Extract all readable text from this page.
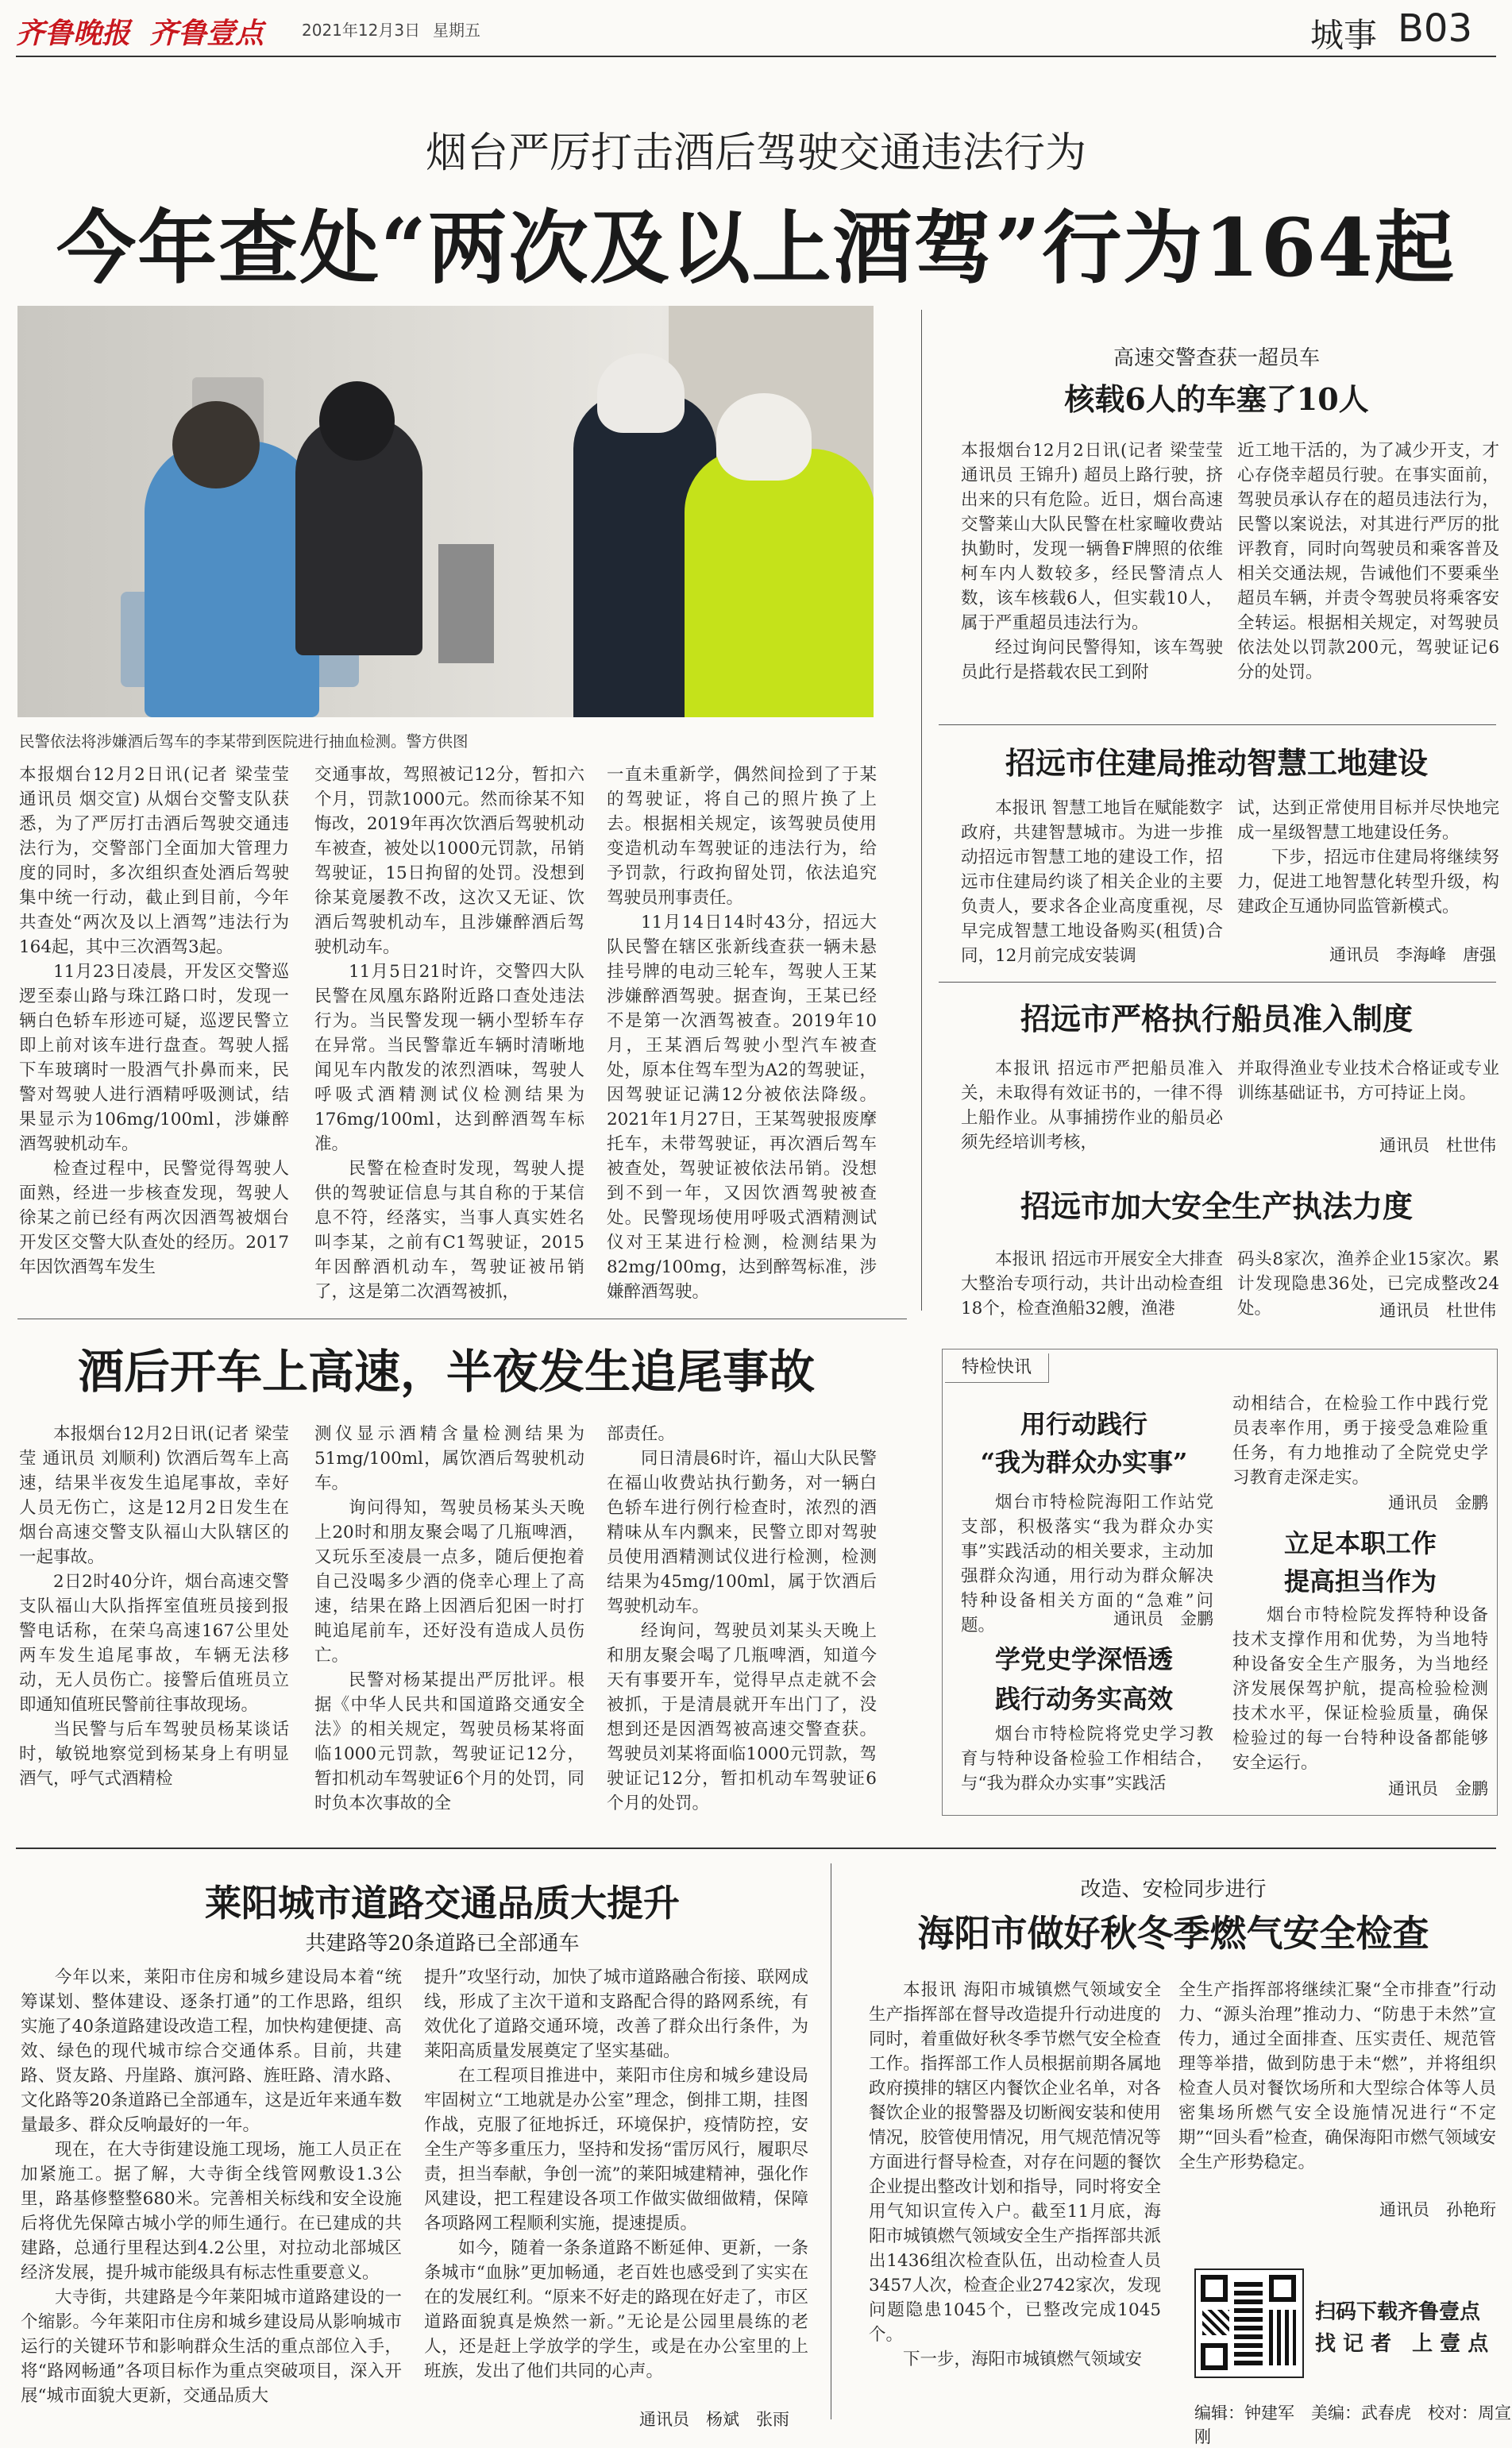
齐鲁晚报 齐鲁壹点 2021年12月3日 星期五	城事 B03
烟台严厉打击酒后驾驶交通违法行为
今年查处“两次及以上酒驾”行为164起
民警依法将涉嫌酒后驾车的李某带到医院进行抽血检测。警方供图

本报烟台12月2日讯(记者 梁莹莹 通讯员 烟交宣) 从烟台交警支队获悉，为了严厉打击酒后驾驶交通违法行为，交警部门全面加大管理力度的同时，多次组织查处酒后驾驶集中统一行动，截止到目前，今年共查处“两次及以上酒驾”违法行为164起，其中三次酒驾3起。

11月23日凌晨，开发区交警巡逻至泰山路与珠江路口时，发现一辆白色轿车形迹可疑，巡逻民警立即上前对该车进行盘查。驾驶人摇下车玻璃时一股酒气扑鼻而来，民警对驾驶人进行酒精呼吸测试，结果显示为106mg/100ml，涉嫌醉酒驾驶机动车。

检查过程中，民警觉得驾驶人面熟，经进一步核查发现，驾驶人徐某之前已经有两次因酒驾被烟台开发区交警大队查处的经历。2017年因饮酒驾车发生

交通事故，驾照被记12分，暂扣六个月，罚款1000元。然而徐某不知悔改，2019年再次饮酒后驾驶机动车被查，被处以1000元罚款，吊销驾驶证，15日拘留的处罚。没想到徐某竟屡教不改，这次又无证、饮酒后驾驶机动车，且涉嫌醉酒后驾驶机动车。

11月5日21时许，交警四大队民警在凤凰东路附近路口查处违法行为。当民警发现一辆小型轿车存在异常。当民警靠近车辆时清晰地闻见车内散发的浓烈酒味，驾驶人呼吸式酒精测试仪检测结果为176mg/100ml，达到醉酒驾车标准。

民警在检查时发现，驾驶人提供的驾驶证信息与其自称的于某信息不符，经落实，当事人真实姓名叫李某，之前有C1驾驶证，2015年因醉酒机动车，驾驶证被吊销了，这是第二次酒驾被抓，

一直未重新学，偶然间捡到了于某的驾驶证，将自己的照片换了上去。根据相关规定，该驾驶员使用变造机动车驾驶证的违法行为，给予罚款，行政拘留处罚，依法追究驾驶员刑事责任。

11月14日14时43分，招远大队民警在辖区张新线查获一辆未悬挂号牌的电动三轮车，驾驶人王某涉嫌醉酒驾驶。据查询，王某已经不是第一次酒驾被查。2019年10月，王某酒后驾驶小型汽车被查处，原本住驾车型为A2的驾驶证，因驾驶证记满12分被依法降级。2021年1月27日，王某驾驶报废摩托车，未带驾驶证，再次酒后驾车被查处，驾驶证被依法吊销。没想到不到一年，又因饮酒驾驶被查处。民警现场使用呼吸式酒精测试仪对王某进行检测，检测结果为82mg/100mg，达到醉驾标准，涉嫌醉酒驾驶。

高速交警查获一超员车
核载6人的车塞了10人

本报烟台12月2日讯(记者 梁莹莹 通讯员 王锦升) 超员上路行驶，挤出来的只有危险。近日，烟台高速交警莱山大队民警在杜家疃收费站执勤时，发现一辆鲁F牌照的依维柯车内人数较多，经民警清点人数，该车核载6人，但实载10人，属于严重超员违法行为。

经过询问民警得知，该车驾驶员此行是搭载农民工到附

近工地干活的，为了减少开支，才心存侥幸超员行驶。在事实面前，驾驶员承认存在的超员违法行为，民警以案说法，对其进行严厉的批评教育，同时向驾驶员和乘客普及相关交通法规，告诫他们不要乘坐超员车辆，并责令驾驶员将乘客安全转运。根据相关规定，对驾驶员依法处以罚款200元，驾驶证记6分的处罚。

招远市住建局推动智慧工地建设

本报讯 智慧工地旨在赋能数字政府，共建智慧城市。为进一步推动招远市智慧工地的建设工作，招远市住建局约谈了相关企业的主要负责人，要求各企业高度重视，尽早完成智慧工地设备购买(租赁)合同，12月前完成安装调

试，达到正常使用目标并尽快地完成一星级智慧工地建设任务。

下步，招远市住建局将继续努力，促进工地智慧化转型升级，构建政企互通协同监管新模式。

通讯员　李海峰　唐强
招远市严格执行船员准入制度

本报讯 招远市严把船员准入关，未取得有效证书的，一律不得上船作业。从事捕捞作业的船员必须先经培训考核，

并取得渔业专业技术合格证或专业训练基础证书，方可持证上岗。

通讯员　杜世伟
招远市加大安全生产执法力度

本报讯 招远市开展安全大排查大整治专项行动，共计出动检查组18个，检查渔船32艘，渔港

码头8家次，渔养企业15家次。累计发现隐患36处，已完成整改24处。	通讯员　杜世伟
酒后开车上高速，半夜发生追尾事故

本报烟台12月2日讯(记者 梁莹莹 通讯员 刘顺利) 饮酒后驾车上高速，结果半夜发生追尾事故，幸好人员无伤亡，这是12月2日发生在烟台高速交警支队福山大队辖区的一起事故。

2日2时40分许，烟台高速交警支队福山大队指挥室值班员接到报警电话称，在荣乌高速167公里处两车发生追尾事故，车辆无法移动，无人员伤亡。接警后值班员立即通知值班民警前往事故现场。

当民警与后车驾驶员杨某谈话时，敏锐地察觉到杨某身上有明显酒气，呼气式酒精检

测仪显示酒精含量检测结果为51mg/100ml，属饮酒后驾驶机动车。

询问得知，驾驶员杨某头天晚上20时和朋友聚会喝了几瓶啤酒，又玩乐至凌晨一点多，随后便抱着自己没喝多少酒的侥幸心理上了高速，结果在路上因酒后犯困一时打盹追尾前车，还好没有造成人员伤亡。

民警对杨某提出严厉批评。根据《中华人民共和国道路交通安全法》的相关规定，驾驶员杨某将面临1000元罚款，驾驶证记12分，暂扣机动车驾驶证6个月的处罚，同时负本次事故的全

部责任。

同日清晨6时许，福山大队民警在福山收费站执行勤务，对一辆白色轿车进行例行检查时，浓烈的酒精味从车内飘来，民警立即对驾驶员使用酒精测试仪进行检测，检测结果为45mg/100ml，属于饮酒后驾驶机动车。

经询问，驾驶员刘某头天晚上和朋友聚会喝了几瓶啤酒，知道今天有事要开车，觉得早点走就不会被抓，于是清晨就开车出门了，没想到还是因酒驾被高速交警查获。驾驶员刘某将面临1000元罚款，驾驶证记12分，暂扣机动车驾驶证6个月的处罚。

特检快讯
用行动践行
“我为群众办实事”

烟台市特检院海阳工作站党支部，积极落实“我为群众办实事”实践活动的相关要求，主动加强群众沟通，用行动为群众解决特种设备相关方面的“急难”问题。	通讯员　金鹏
学党史学深悟透
践行动务实高效

烟台市特检院将党史学习教育与特种设备检验工作相结合，与“我为群众办实事”实践活

动相结合，在检验工作中践行党员表率作用，勇于接受急难险重任务，有力地推动了全院党史学习教育走深走实。

通讯员　金鹏
立足本职工作
提高担当作为

烟台市特检院发挥特种设备技术支撑作用和优势，为当地特种设备安全生产服务，为当地经济发展保驾护航，提高检验检测技术水平，保证检验质量，确保检验过的每一台特种设备都能够安全运行。

通讯员　金鹏
莱阳城市道路交通品质大提升
共建路等20条道路已全部通车

今年以来，莱阳市住房和城乡建设局本着“统筹谋划、整体建设、逐条打通”的工作思路，组织实施了40条道路建设改造工程，加快构建便捷、高效、绿色的现代城市综合交通体系。目前，共建路、贤友路、丹崖路、旗河路、旌旺路、清水路、文化路等20条道路已全部通车，这是近年来通车数量最多、群众反响最好的一年。

现在，在大寺街建设施工现场，施工人员正在加紧施工。据了解，大寺街全线管网敷设1.3公里，路基修整整680米。完善相关标线和安全设施后将优先保障古城小学的师生通行。在已建成的共建路，总通行里程达到4.2公里，对拉动北部城区经济发展，提升城市能级具有标志性重要意义。

大寺街，共建路是今年莱阳城市道路建设的一个缩影。今年莱阳市住房和城乡建设局从影响城市运行的关键环节和影响群众生活的重点部位入手，将“路网畅通”各项目标作为重点突破项目，深入开展“城市面貌大更新，交通品质大

提升”攻坚行动，加快了城市道路融合衔接、联网成线，形成了主次干道和支路配合得的路网系统，有效优化了道路交通环境，改善了群众出行条件，为莱阳高质量发展奠定了坚实基础。

在工程项目推进中，莱阳市住房和城乡建设局牢固树立“工地就是办公室”理念，倒排工期，挂图作战，克服了征地拆迁，环境保护，疫情防控，安全生产等多重压力，坚持和发扬“雷厉风行，履职尽责，担当奉献，争创一流”的莱阳城建精神，强化作风建设，把工程建设各项工作做实做细做精，保障各项路网工程顺利实施，提速提质。

如今，随着一条条道路不断延伸、更新，一条条城市“血脉”更加畅通，老百姓也感受到了实实在在的发展红利。“原来不好走的路现在好走了，市区道路面貌真是焕然一新。”无论是公园里晨练的老人，还是赶上学放学的学生，或是在办公室里的上班族，发出了他们共同的心声。

通讯员　杨斌　张雨
改造、安检同步进行
海阳市做好秋冬季燃气安全检查

本报讯 海阳市城镇燃气领域安全生产指挥部在督导改造提升行动进度的同时，着重做好秋冬季节燃气安全检查工作。指挥部工作人员根据前期各属地政府摸排的辖区内餐饮企业名单，对各餐饮企业的报警器及切断阀安装和使用情况，胶管使用情况，用气规范情况等方面进行督导检查，对存在问题的餐饮企业提出整改计划和指导，同时将安全用气知识宣传入户。截至11月底，海阳市城镇燃气领域安全生产指挥部共派出1436组次检查队伍，出动检查人员3457人次，检查企业2742家次，发现问题隐患1045个，已整改完成1045个。

下一步，海阳市城镇燃气领域安

全生产指挥部将继续汇聚“全市排查”行动力、“源头治理”推动力、“防患于未然”宣传力，通过全面排查、压实责任、规范管理等举措，做到防患于未“燃”，并将组织检查人员对餐饮场所和大型综合体等人员密集场所燃气安全设施情况进行“不定期”“回头看”检查，确保海阳市燃气领域安全生产形势稳定。

通讯员　孙艳珩
扫码下载齐鲁壹点
找 记 者　上 壹 点
编辑：钟建军　美编：武春虎　校对：周宣刚
